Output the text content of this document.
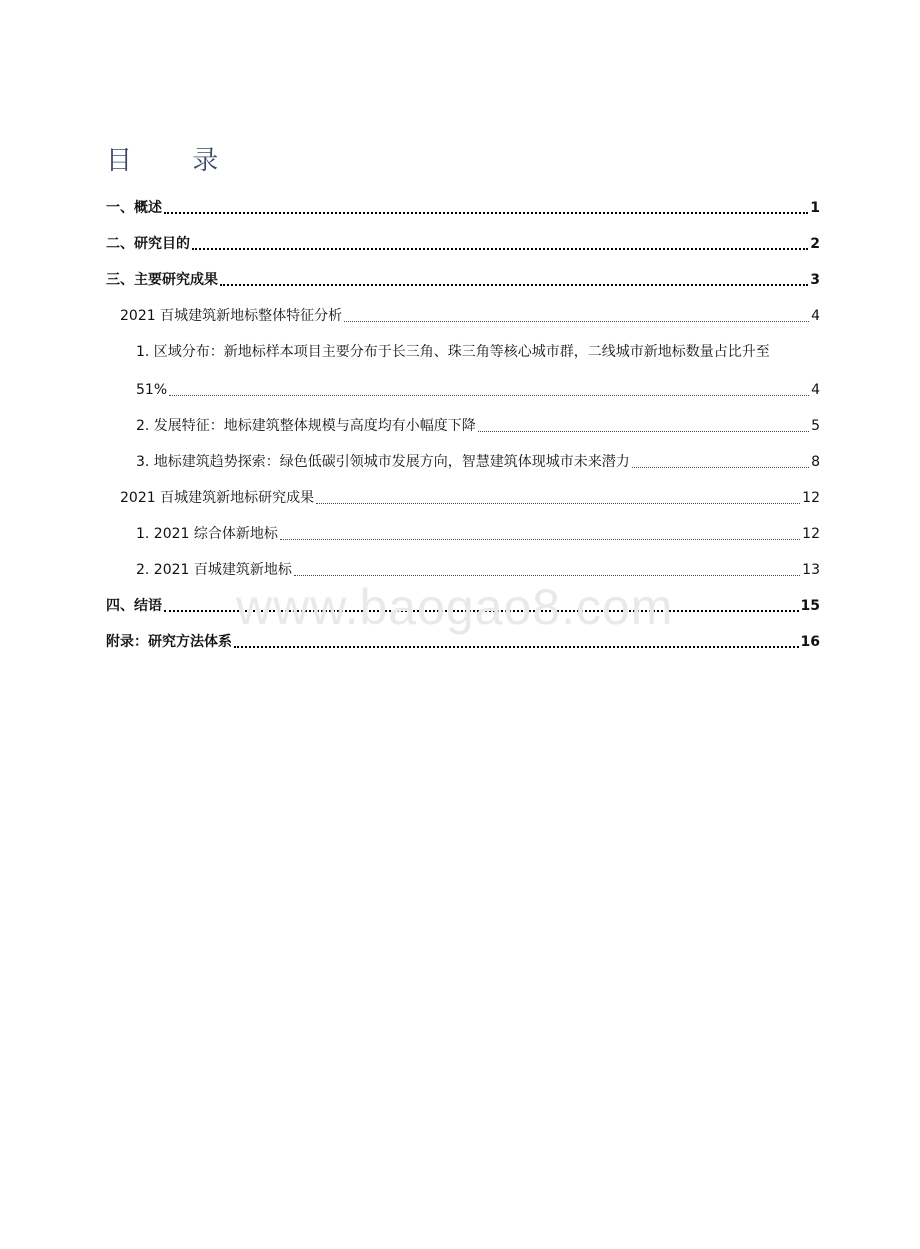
目 录
一、概述	1
二、研究目的	2
三、主要研究成果	3
2021 百城建筑新地标整体特征分析	4
1. 区域分布：新地标样本项目主要分布于长三角、珠三角等核心城市群，二线城市新地标数量占比升至
51%	4
2. 发展特征：地标建筑整体规模与高度均有小幅度下降	5
3. 地标建筑趋势探索：绿色低碳引领城市发展方向，智慧建筑体现城市未来潜力	8
2021 百城建筑新地标研究成果	12
1. 2021 综合体新地标	12
2. 2021 百城建筑新地标	13
四、结语	15
附录：研究方法体系	16
www.baogao8.com
